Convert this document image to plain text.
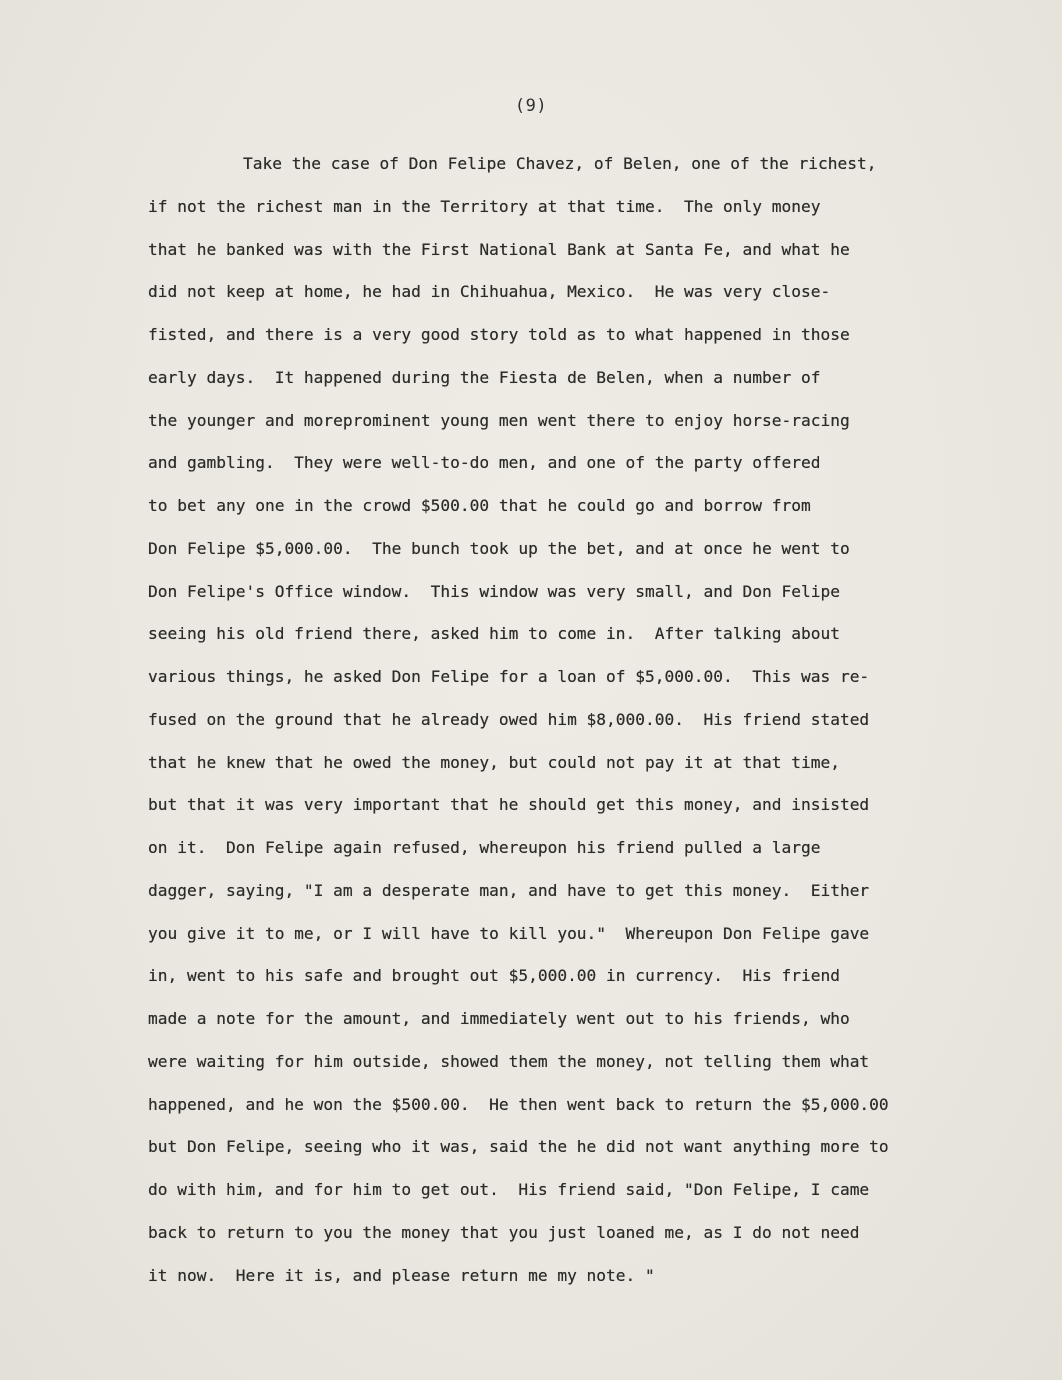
(9)
Take the case of Don Felipe Chavez, of Belen, one of the richest,
if not the richest man in the Territory at that time.  The only money
that he banked was with the First National Bank at Santa Fe, and what he
did not keep at home, he had in Chihuahua, Mexico.  He was very close-
fisted, and there is a very good story told as to what happened in those
early days.  It happened during the Fiesta de Belen, when a number of
the younger and moreprominent young men went there to enjoy horse-racing
and gambling.  They were well-to-do men, and one of the party offered
to bet any one in the crowd $500.00 that he could go and borrow from
Don Felipe $5,000.00.  The bunch took up the bet, and at once he went to
Don Felipe's Office window.  This window was very small, and Don Felipe
seeing his old friend there, asked him to come in.  After talking about
various things, he asked Don Felipe for a loan of $5,000.00.  This was re-
fused on the ground that he already owed him $8,000.00.  His friend stated
that he knew that he owed the money, but could not pay it at that time,
but that it was very important that he should get this money, and insisted
on it.  Don Felipe again refused, whereupon his friend pulled a large
dagger, saying, "I am a desperate man, and have to get this money.  Either
you give it to me, or I will have to kill you."  Whereupon Don Felipe gave
in, went to his safe and brought out $5,000.00 in currency.  His friend
made a note for the amount, and immediately went out to his friends, who
were waiting for him outside, showed them the money, not telling them what
happened, and he won the $500.00.  He then went back to return the $5,000.00
but Don Felipe, seeing who it was, said the he did not want anything more to
do with him, and for him to get out.  His friend said, "Don Felipe, I came
back to return to you the money that you just loaned me, as I do not need
it now.  Here it is, and please return me my note. "
